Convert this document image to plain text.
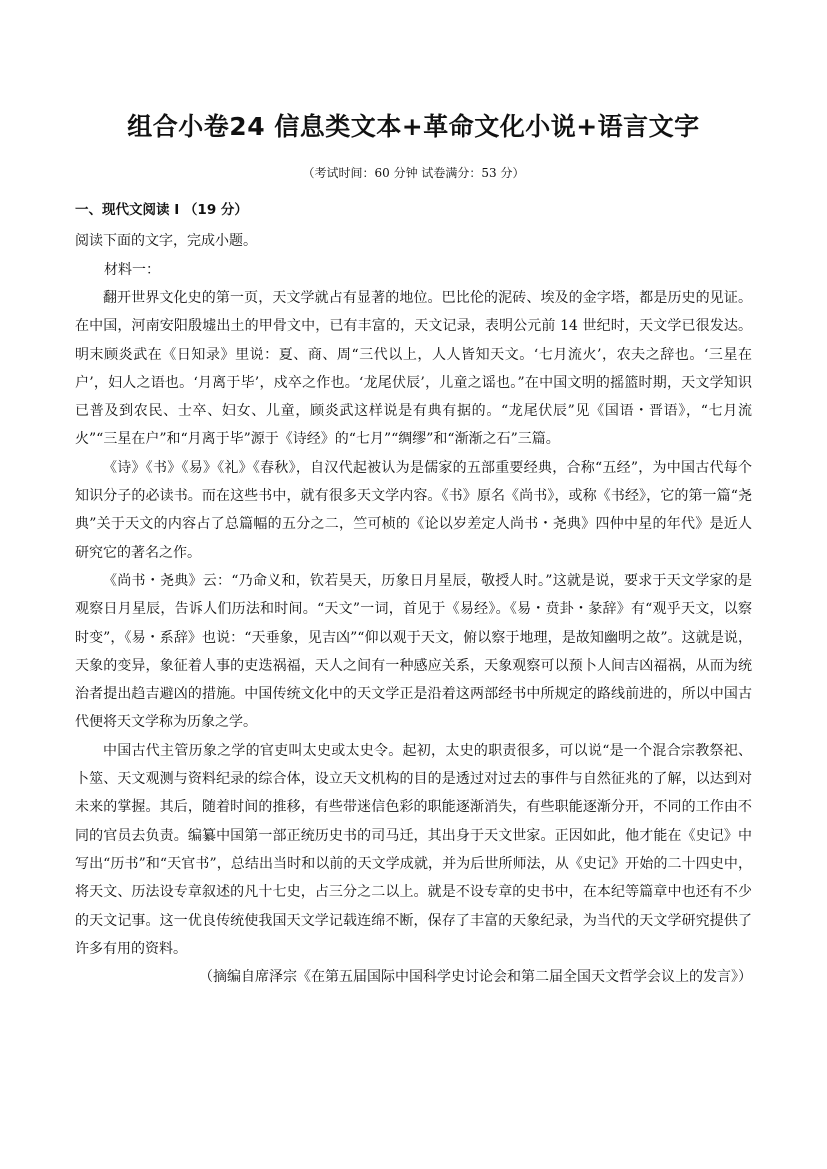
组合小卷24 信息类文本+革命文化小说+语言文字
（考试时间：60 分钟 试卷满分：53 分）
一、现代文阅读 I （19 分）
阅读下面的文字，完成小题。
材料一：

翻开世界文化史的第一页，天文学就占有显著的地位。巴比伦的泥砖、埃及的金字塔，都是历史的见证。在中国，河南安阳殷墟出土的甲骨文中，已有丰富的，天文记录，表明公元前 14 世纪时，天文学已很发达。明末顾炎武在《日知录》里说：夏、商、周“三代以上，人人皆知天文。‘七月流火’，农夫之辞也。‘三星在户’，妇人之语也。‘月离于毕’，戍卒之作也。‘龙尾伏辰’，儿童之谣也。”在中国文明的摇篮时期，天文学知识已普及到农民、士卒、妇女、儿童，顾炎武这样说是有典有据的。“龙尾伏辰”见《国语・晋语》，“七月流火”“三星在户”和“月离于毕”源于《诗经》的“七月”“绸缪”和“渐渐之石”三篇。

《诗》《书》《易》《礼》《春秋》，自汉代起被认为是儒家的五部重要经典，合称“五经”，为中国古代每个知识分子的必读书。而在这些书中，就有很多天文学内容。《书》原名《尚书》，或称《书经》，它的第一篇“尧典”关于天文的内容占了总篇幅的五分之二，竺可桢的《论以岁差定人尚书・尧典》四仲中星的年代》是近人研究它的著名之作。

《尚书・尧典》云：“乃命义和，钦若昊天，历象日月星辰，敬授人时。”这就是说，要求于天文学家的是观察日月星辰，告诉人们历法和时间。“天文”一词，首见于《易经》。《易・贲卦・彖辞》有“观乎天文，以察时变”，《易・系辞》也说：“天垂象，见吉凶”“仰以观于天文，俯以察于地理，是故知幽明之故”。这就是说，天象的变异，象征着人事的吏迭祸福，天人之间有一种感应关系，天象观察可以预卜人间吉凶福祸，从而为统治者提出趋吉避凶的措施。中国传统文化中的天文学正是沿着这两部经书中所规定的路线前进的，所以中国古代便将天文学称为历象之学。

中国古代主管历象之学的官吏叫太史或太史令。起初，太史的职责很多，可以说“是一个混合宗教祭祀、卜筮、天文观测与资料纪录的综合体，设立天文机构的目的是透过对过去的事件与自然征兆的了解，以达到对未来的掌握。其后，随着时间的推移，有些带迷信色彩的职能逐渐消失，有些职能逐渐分开，不同的工作由不同的官员去负责。编纂中国第一部正统历史书的司马迁，其出身于天文世家。正因如此，他才能在《史记》中写出“历书”和“天官书”，总结出当时和以前的天文学成就，并为后世所师法，从《史记》开始的二十四史中，将天文、历法设专章叙述的凡十七史，占三分之二以上。就是不设专章的史书中，在本纪等篇章中也还有不少的天文记事。这一优良传统使我国天文学记载连绵不断，保存了丰富的天象纪录，为当代的天文学研究提供了许多有用的资料。

（摘编自席泽宗《在第五届国际中国科学史讨论会和第二届全国天文哲学会议上的发言》）
